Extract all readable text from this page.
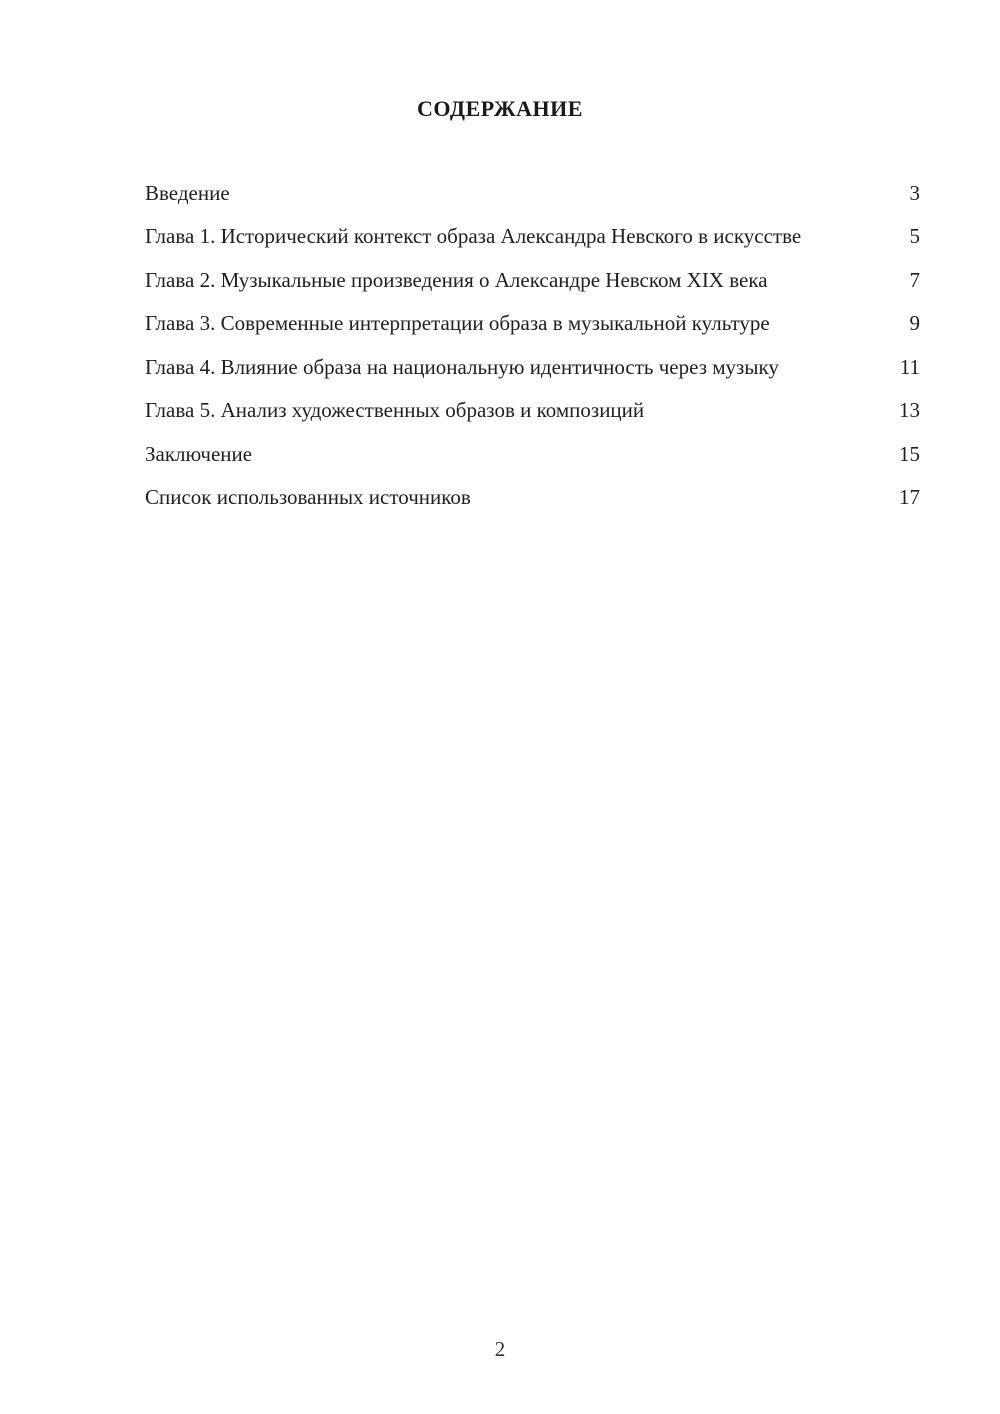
СОДЕРЖАНИЕ
Введение	3
Глава 1. Исторический контекст образа Александра Невского в искусстве	5
Глава 2. Музыкальные произведения о Александре Невском XIX века	7
Глава 3. Современные интерпретации образа в музыкальной культуре	9
Глава 4. Влияние образа на национальную идентичность через музыку	11
Глава 5. Анализ художественных образов и композиций	13
Заключение	15
Список использованных источников	17
2
